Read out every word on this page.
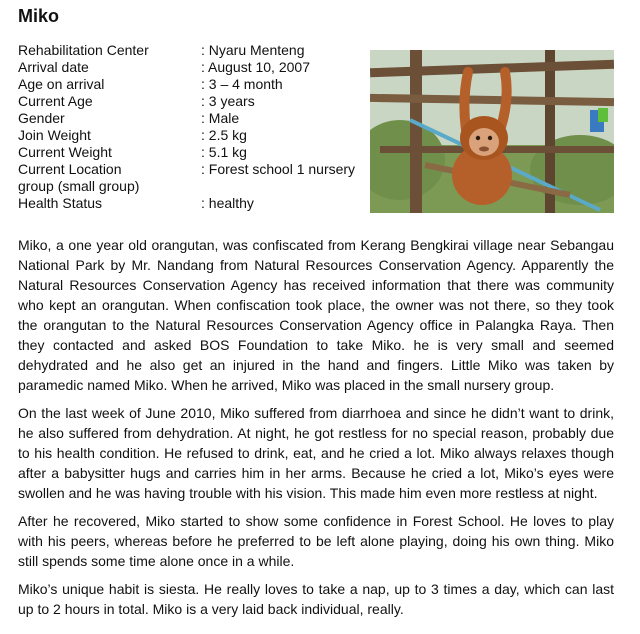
Miko
Rehabilitation Center	: Nyaru Menteng
Arrival date	: August 10, 2007
Age on arrival	: 3 – 4 month
Current Age	: 3 years
Gender	: Male
Join Weight	: 2.5 kg
Current Weight	: 5.1 kg
Current Location	: Forest school 1 nursery
group (small group)
Health Status	: healthy

Miko, a one year old orangutan, was confiscated from Kerang Bengkirai village near Sebangau National Park by Mr. Nandang from Natural Resources Conservation Agency. Apparently the Natural Resources Conservation Agency has received information that there was community who kept an orangutan. When confiscation took place, the owner was not there, so they took the orangutan to the Natural Resources Conservation Agency office in Palangka Raya. Then they contacted and asked BOS Foundation to take Miko. he is very small and seemed dehydrated and he also get an injured in the hand and fingers. Little Miko was taken by paramedic named Miko. When he arrived, Miko was placed in the small nursery group.

On the last week of June 2010, Miko suffered from diarrhoea and since he didn’t want to drink, he also suffered from dehydration. At night, he got restless for no special reason, probably due to his health condition. He refused to drink, eat, and he cried a lot. Miko always relaxes though after a babysitter hugs and carries him in her arms. Because he cried a lot, Miko’s eyes were swollen and he was having trouble with his vision. This made him even more restless at night.

After he recovered, Miko started to show some confidence in Forest School. He loves to play with his peers, whereas before he preferred to be left alone playing, doing his own thing. Miko still spends some time alone once in a while.

Miko’s unique habit is siesta. He really loves to take a nap, up to 3 times a day, which can last up to 2 hours in total. Miko is a very laid back individual, really.
